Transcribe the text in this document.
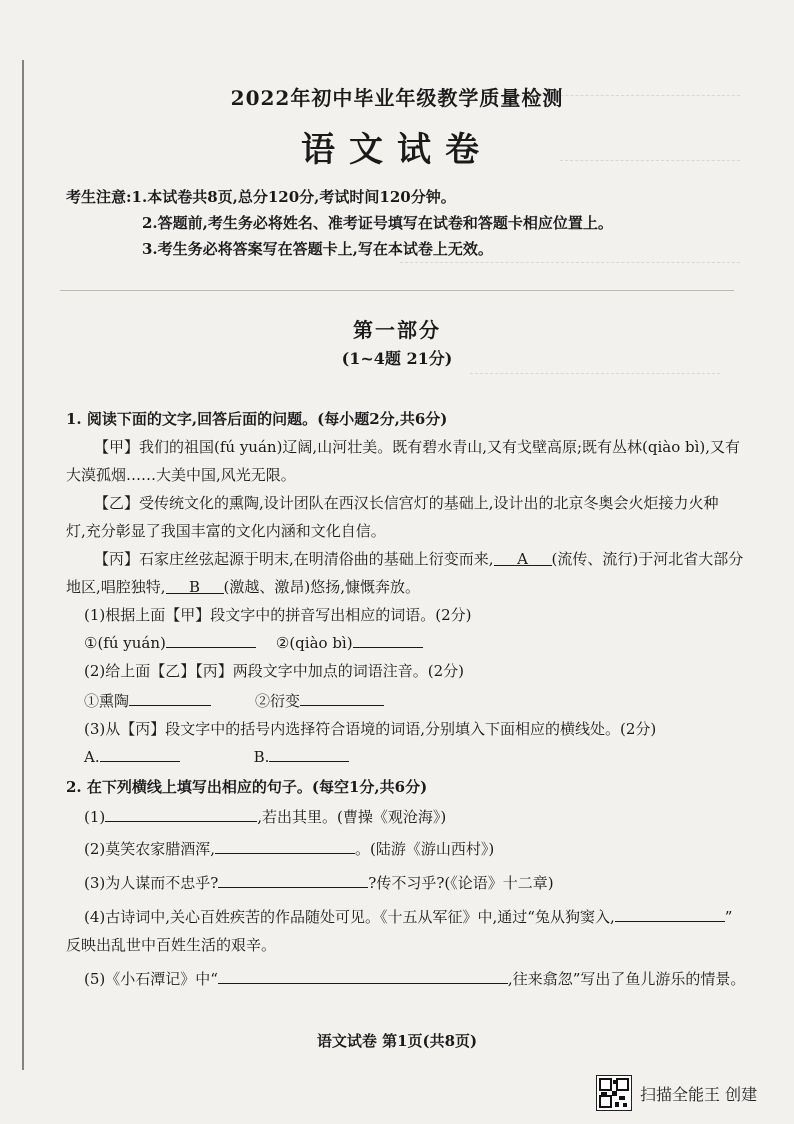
2022年初中毕业年级教学质量检测
语文试卷
考生注意:1.本试卷共8页,总分120分,考试时间120分钟。
2.答题前,考生务必将姓名、准考证号填写在试卷和答题卡相应位置上。
3.考生务必将答案写在答题卡上,写在本试卷上无效。
第一部分
(1~4题 21分)
1. 阅读下面的文字,回答后面的问题。(每小题2分,共6分)
【甲】我们的祖国(fú yuán)辽阔,山河壮美。既有碧水青山,又有戈壁高原;既有丛林(qiào bì),又有
大漠孤烟……大美中国,风光无限。
【乙】受传统文化的熏陶,设计团队在西汉长信宫灯的基础上,设计出的北京冬奥会火炬接力火种
灯,充分彰显了我国丰富的文化内涵和文化自信。
【丙】石家庄丝弦起源于明末,在明清俗曲的基础上衍变而来, A (流传、流行)于河北省大部分
地区,唱腔独特, B (激越、激昂)悠扬,慷慨奔放。
(1)根据上面【甲】段文字中的拼音写出相应的词语。(2分)
①(fú yuán)	②(qiào bì)
(2)给上面【乙】【丙】两段文字中加点的词语注音。(2分)
①熏陶	②衍变
(3)从【丙】段文字中的括号内选择符合语境的词语,分别填入下面相应的横线处。(2分)
A.	B.
2. 在下列横线上填写出相应的句子。(每空1分,共6分)
(1)	,若出其里。(曹操《观沧海》)
(2)莫笑农家腊酒浑,	。(陆游《游山西村》)
(3)为人谋而不忠乎?	?传不习乎?(《论语》十二章)
(4)古诗词中,关心百姓疾苦的作品随处可见。《十五从军征》中,通过“兔从狗窦入,	”
反映出乱世中百姓生活的艰辛。
(5)《小石潭记》中“	,往来翕忽”写出了鱼儿游乐的情景。
语文试卷 第1页(共8页)
扫描全能王 创建
